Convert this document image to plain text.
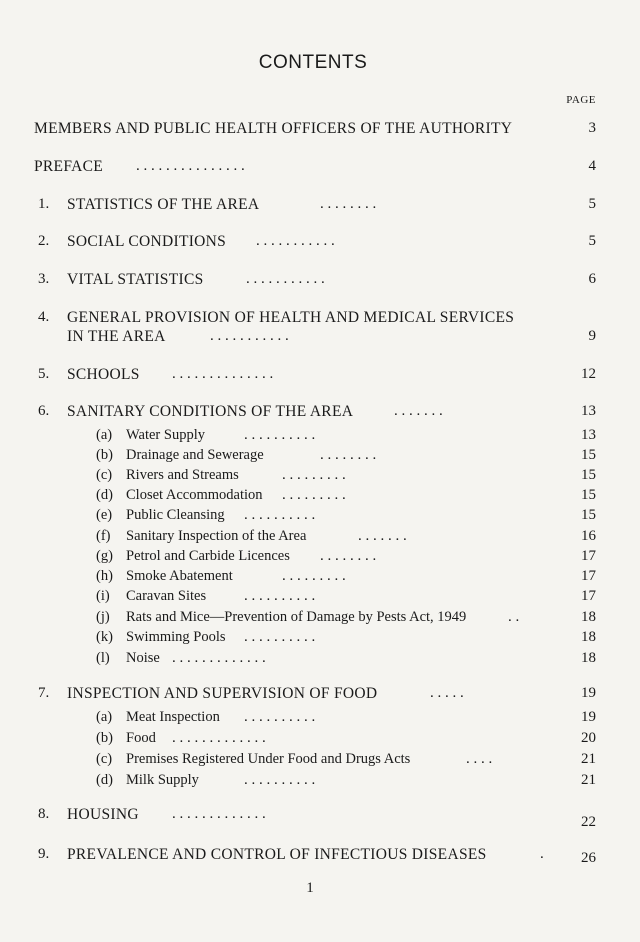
CONTENTS
PAGE
MEMBERS AND PUBLIC HEALTH OFFICERS OF THE AUTHORITY	3
PREFACE . . . . . . . . . . . . . . .	4
1. STATISTICS OF THE AREA	. . . . . . . .	5
2. SOCIAL CONDITIONS . . . . . . . . . . .	5
3. VITAL STATISTICS	. . . . . . . . . . .	6
4. GENERAL PROVISION OF HEALTH AND MEDICAL SERVICES
IN THE AREA	. . . . . . . . . . .	9
5. SCHOOLS . . . . . . . . . . . . . .	12
6. SANITARY CONDITIONS OF THE AREA	. . . . . . .	13
(a) Water Supply	. . . . . . . . . .	13
(b) Drainage and Sewerage	. . . . . . . .	15
(c) Rivers and Streams	. . . . . . . . .	15
(d) Closet Accommodation . . . . . . . . .	15
(e) Public Cleansing . . . . . . . . . .	15
(f) Sanitary Inspection of the Area	. . . . . . .	16
(g) Petrol and Carbide Licences . . . . . . . .	17
(h) Smoke Abatement	. . . . . . . . .	17
(i) Caravan Sites	. . . . . . . . . .	17
(j) Rats and Mice—Prevention of Damage by Pests Act, 1949	. .	18
(k) Swimming Pools . . . . . . . . . .	18
(l) Noise . . . . . . . . . . . . .	18
7. INSPECTION AND SUPERVISION OF FOOD	. . . . .	19
(a) Meat Inspection . . . . . . . . . .	19
(b) Food . . . . . . . . . . . . .	20
(c) Premises Registered Under Food and Drugs Acts	. . . .	21
(d) Milk Supply	. . . . . . . . . .	21
8. HOUSING . . . . . . . . . . . . .	22
9. PREVALENCE AND CONTROL OF INFECTIOUS DISEASES	.	26
1
